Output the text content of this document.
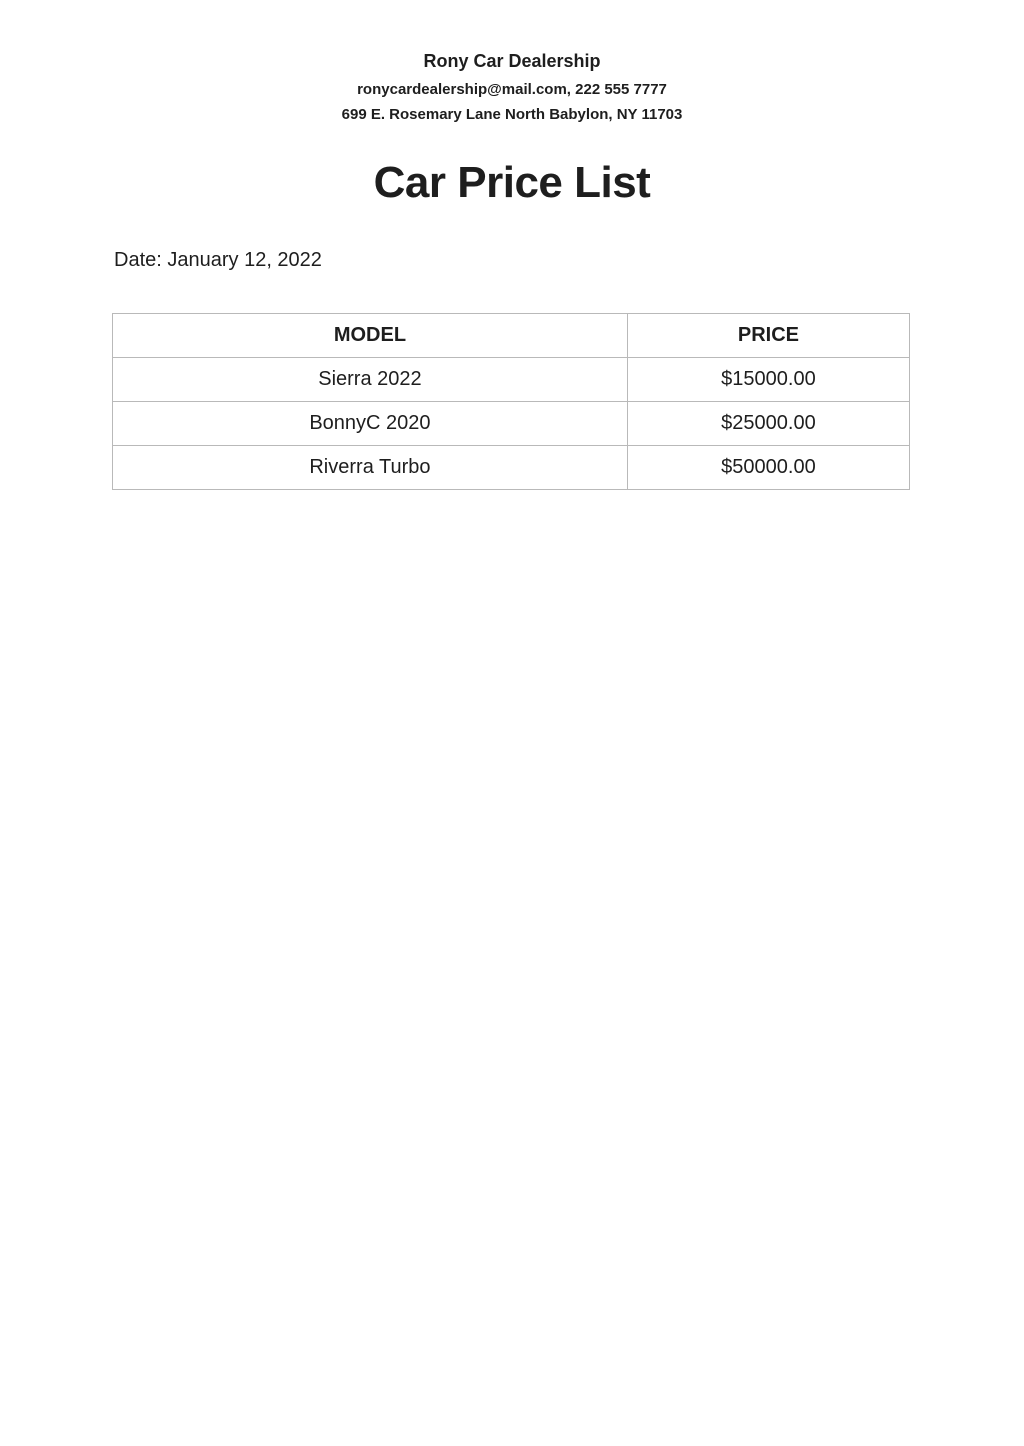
Rony Car Dealership
ronycardealership@mail.com, 222 555 7777
699 E. Rosemary Lane North Babylon, NY 11703
Car Price List
Date: January 12, 2022
MODEL	PRICE
Sierra 2022	$15000.00
BonnyC 2020	$25000.00
Riverra Turbo	$50000.00
